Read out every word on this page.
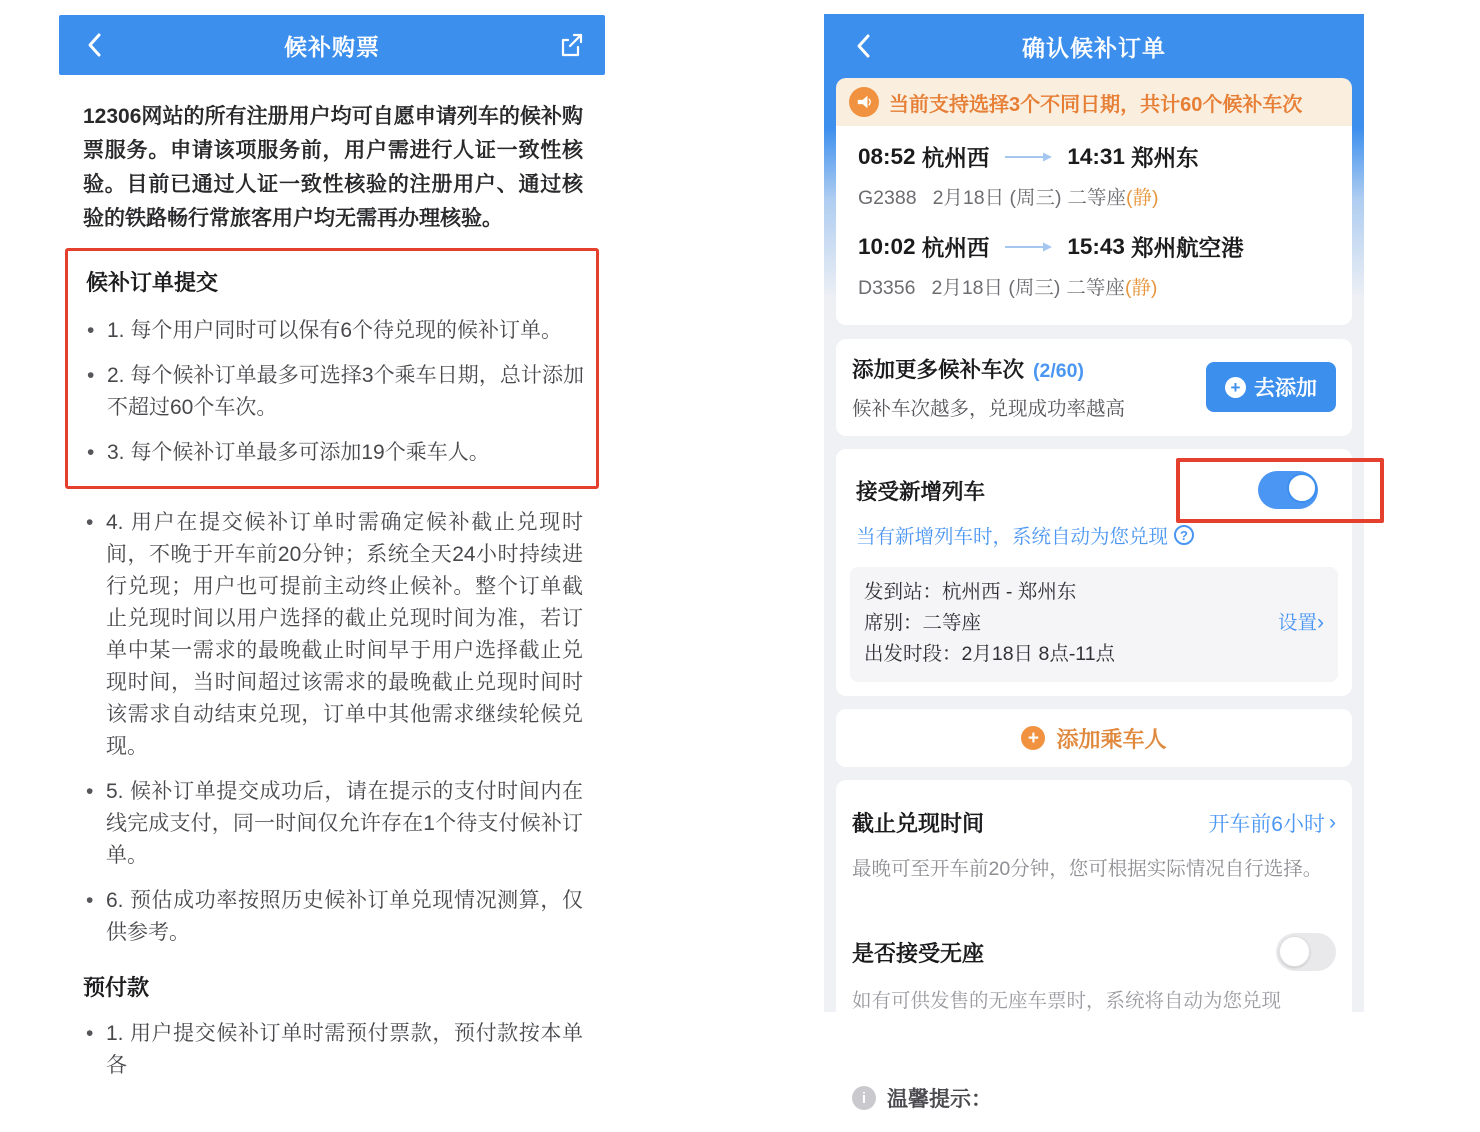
候补购票

12306网站的所有注册用户均可自愿申请列车的候补购票服务。申请该项服务前，用户需进行人证一致性核验。目前已通过人证一致性核验的注册用户、通过核验的铁路畅行常旅客用户均无需再办理核验。

候补订单提交
• 1. 每个用户同时可以保有6个待兑现的候补订单。
• 2. 每个候补订单最多可选择3个乘车日期，总计添加不超过60个车次。
• 3. 每个候补订单最多可添加19个乘车人。
• 4. 用户在提交候补订单时需确定候补截止兑现时间，不晚于开车前20分钟；系统全天24小时持续进行兑现；用户也可提前主动终止候补。整个订单截止兑现时间以用户选择的截止兑现时间为准，若订单中某一需求的最晚截止时间早于用户选择截止兑现时间，当时间超过该需求的最晚截止兑现时间时该需求自动结束兑现，订单中其他需求继续轮候兑现。
• 5. 候补订单提交成功后，请在提示的支付时间内在线完成支付，同一时间仅允许存在1个待支付候补订单。
• 6. 预估成功率按照历史候补订单兑现情况测算，仅供参考。
预付款
• 1. 用户提交候补订单时需预付票款，预付款按本单各
确认候补订单
当前支持选择3个不同日期，共计60个候补车次
08:52
杭州西	14:31
郑州东
G2388 2月18日 (周三) 二等座(静)
10:02
杭州西	15:43
郑州航空港
D3356 2月18日 (周三) 二等座(静)
添加更多候补车次 (2/60)
候补车次越多，兑现成功率越高
+ 去添加
接受新增列车
当有新增列车时，系统自动为您兑现 ?
发到站：杭州西 - 郑州东
席别：二等座	设置›
出发时段：2月18日 8点-11点
+ 添加乘车人
截止兑现时间	开车前6小时 ›
最晚可至开车前20分钟，您可根据实际情况自行选择。
是否接受无座
如有可供发售的无座车票时，系统将自动为您兑现
i 温馨提示：
